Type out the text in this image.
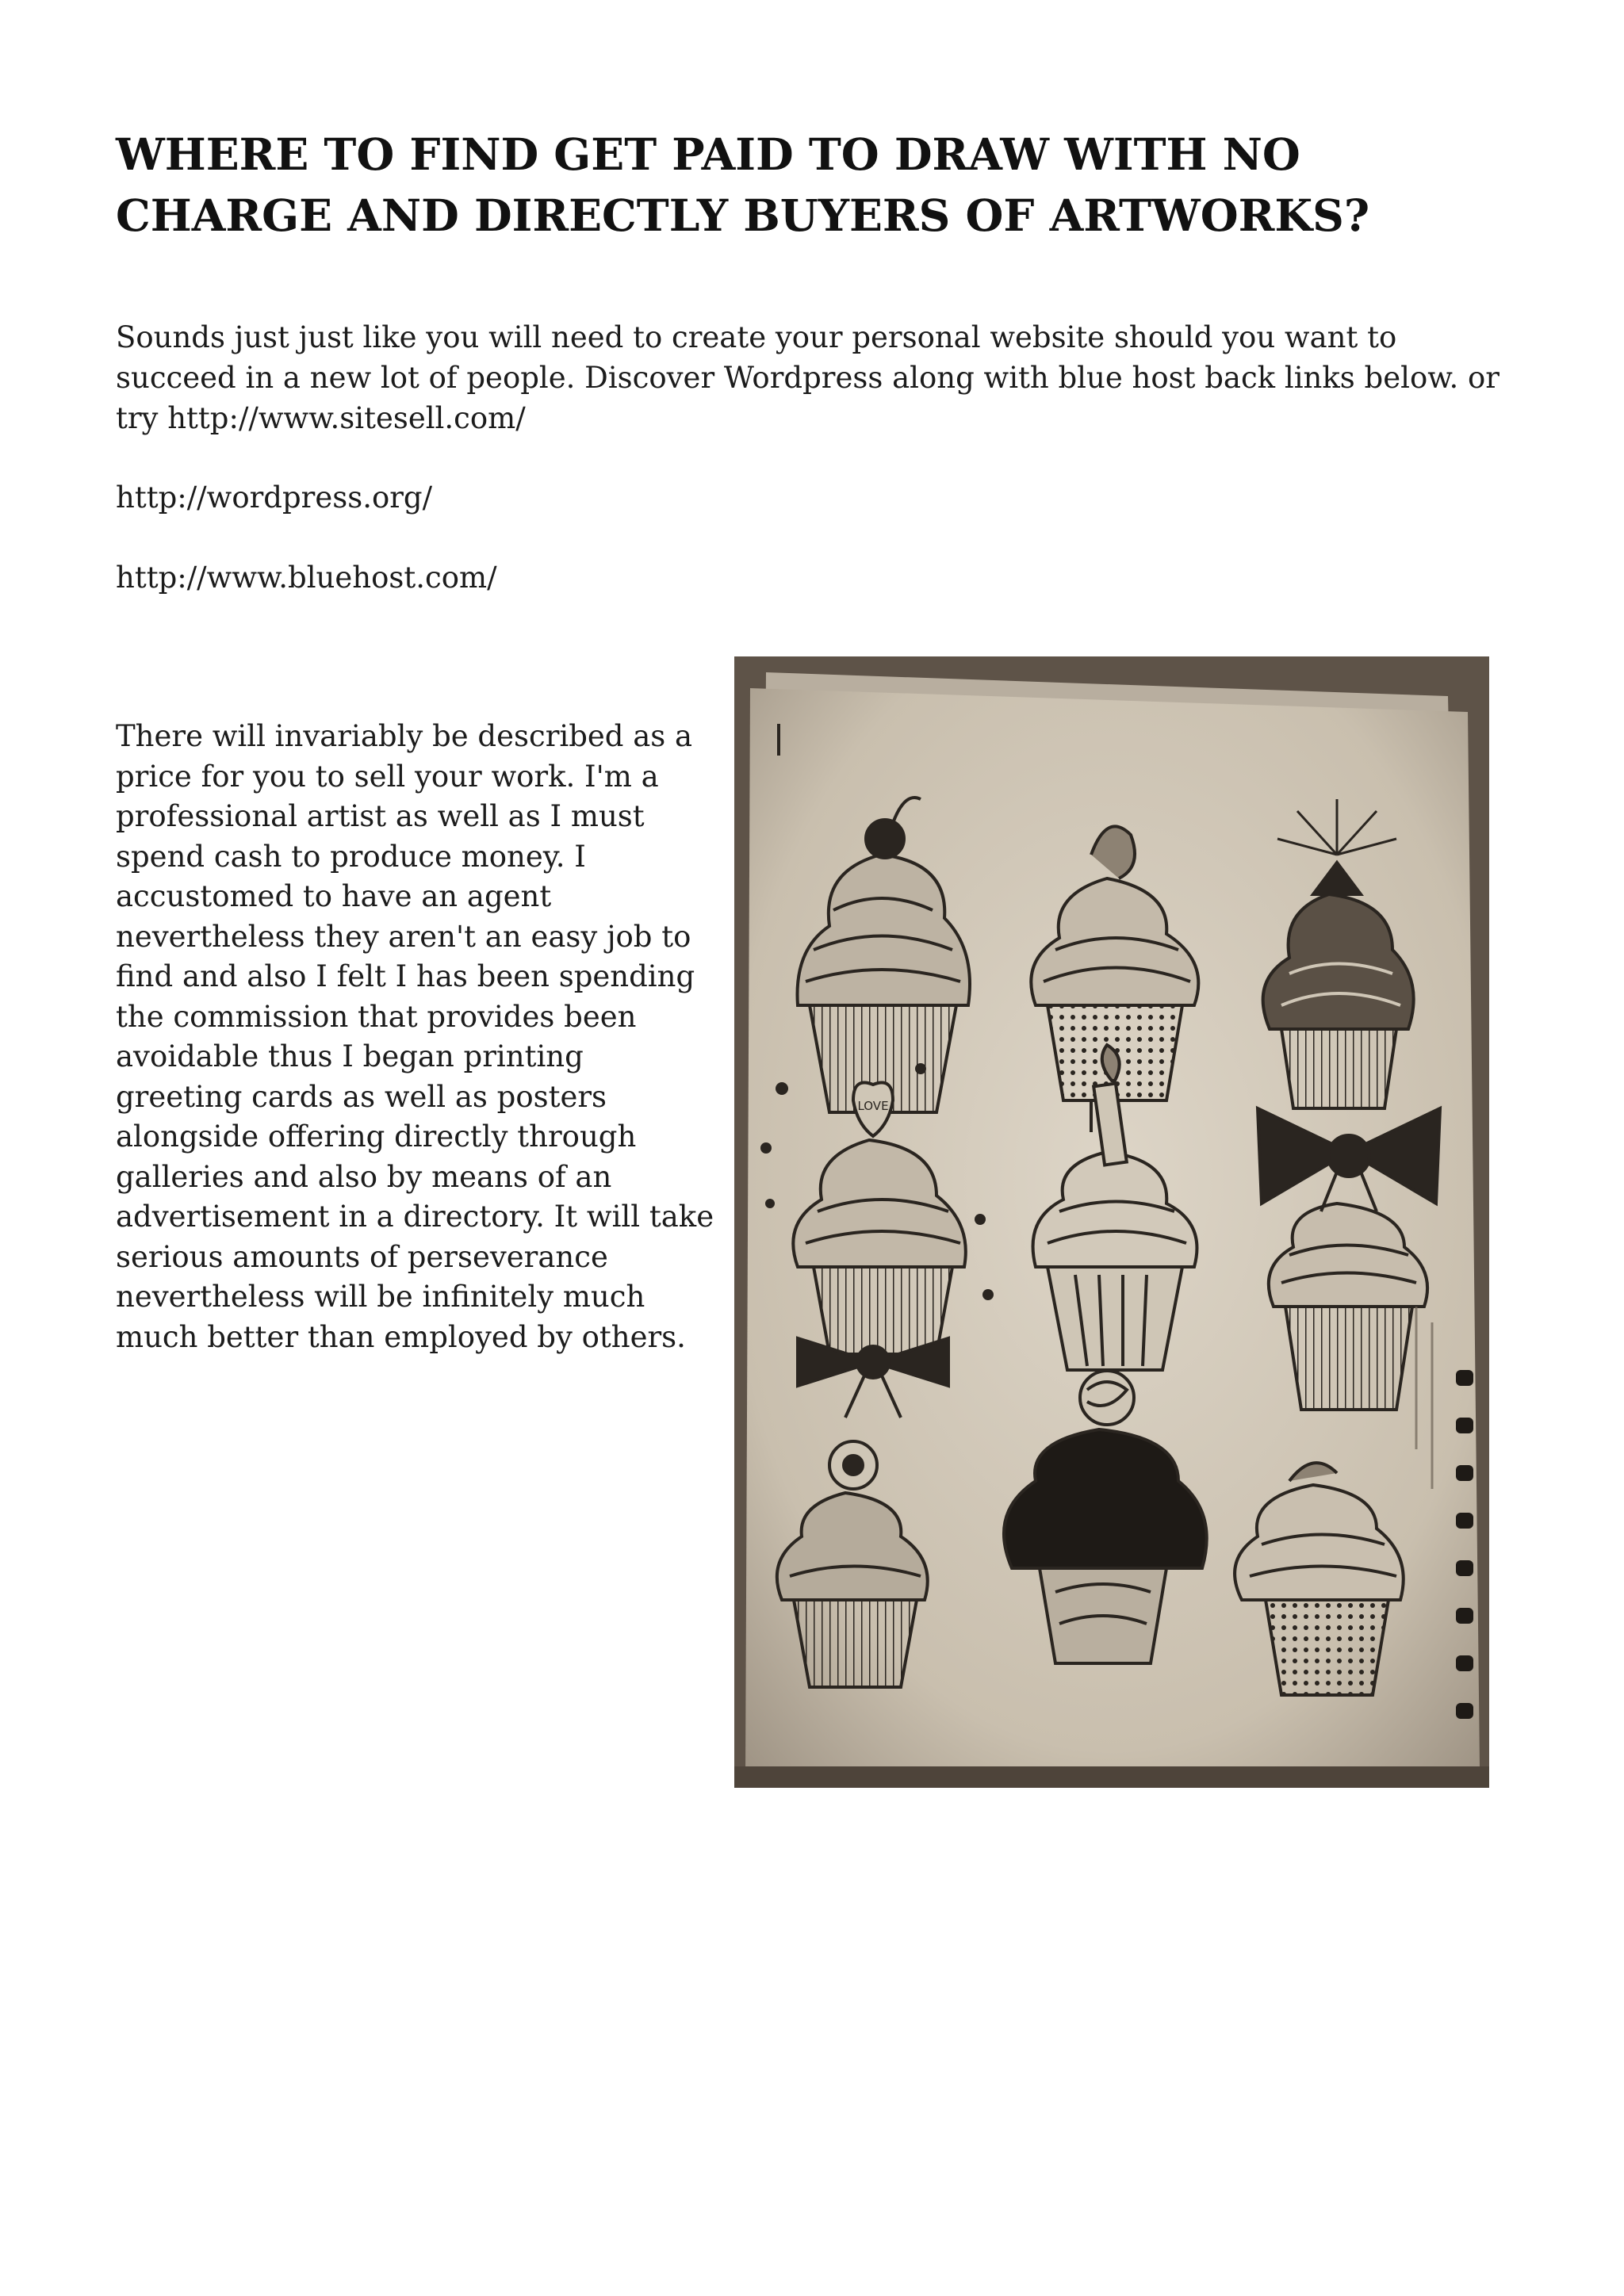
WHERE TO FIND GET PAID TO DRAW WITH NO CHARGE AND DIRECTLY BUYERS OF ARTWORKS?

Sounds just just like you will need to create your personal website should you want to succeed in a new lot of people. Discover Wordpress along with blue host back links below. or try http://www.sitesell.com/

http://wordpress.org/

http://www.bluehost.com/

There will invariably be described as a price for you to sell your work. I'm a professional artist as well as I must spend cash to produce money. I accustomed to have an agent nevertheless they aren't an easy job to find and also I felt I has been spending the commission that provides been avoidable thus I began printing greeting cards as well as posters alongside offering directly through galleries and also by means of an advertisement in a directory. It will take serious amounts of perseverance nevertheless will be infinitely much much better than employed by others.

LOVE
